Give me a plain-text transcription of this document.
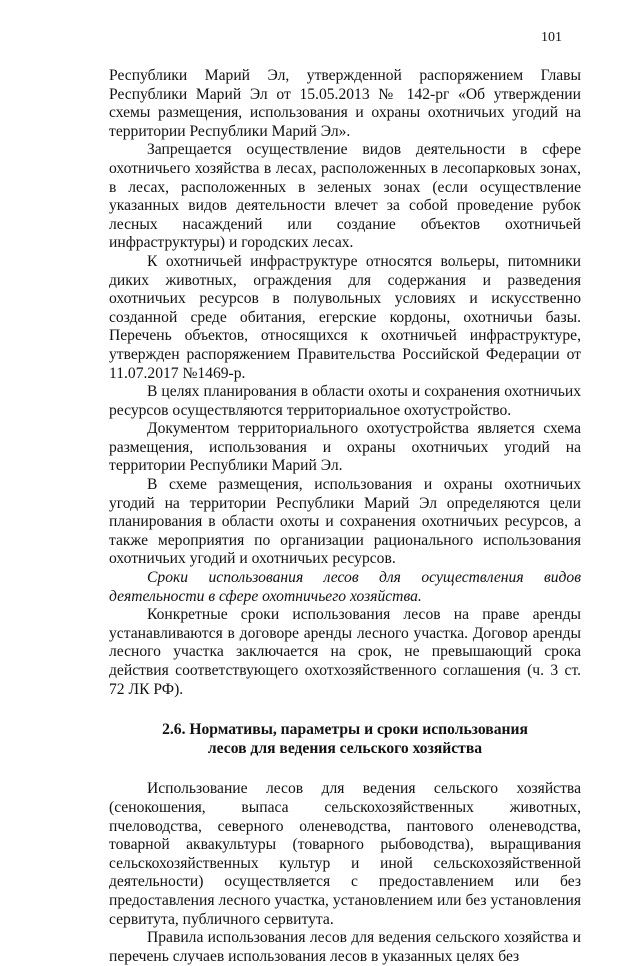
101

Республики Марий Эл, утвержденной распоряжением Главы Республики Марий Эл от 15.05.2013 № 142-рг «Об утверждении схемы размещения, использования и охраны охотничьих угодий на территории Республики Марий Эл».

Запрещается осуществление видов деятельности в сфере охотничьего хозяйства в лесах, расположенных в лесопарковых зонах, в лесах, расположенных в зеленых зонах (если осуществление указанных видов деятельности влечет за собой проведение рубок лесных насаждений или создание объектов охотничьей инфраструктуры) и городских лесах.

К охотничьей инфраструктуре относятся вольеры, питомники диких животных, ограждения для содержания и разведения охотничьих ресурсов в полувольных условиях и искусственно созданной среде обитания, егерские кордоны, охотничьи базы. Перечень объектов, относящихся к охотничьей инфраструктуре, утвержден распоряжением Правительства Российской Федерации от 11.07.2017 №1469-р.

В целях планирования в области охоты и сохранения охотничьих ресурсов осуществляются территориальное охотустройство.

Документом территориального охотустройства является схема размещения, использования и охраны охотничьих угодий на территории Республики Марий Эл.

В схеме размещения, использования и охраны охотничьих угодий на территории Республики Марий Эл определяются цели планирования в области охоты и сохранения охотничьих ресурсов, а также мероприятия по организации рационального использования охотничьих угодий и охотничьих ресурсов.

Сроки использования лесов для осуществления видов деятельности в сфере охотничьего хозяйства.

Конкретные сроки использования лесов на праве аренды устанавливаются в договоре аренды лесного участка. Договор аренды лесного участка заключается на срок, не превышающий срока действия соответствующего охотхозяйственного соглашения (ч. 3 ст. 72 ЛК РФ).

2.6. Нормативы, параметры и сроки использования
лесов для ведения сельского хозяйства

Использование лесов для ведения сельского хозяйства (сенокошения, выпаса сельскохозяйственных животных, пчеловодства, северного оленеводства, пантового оленеводства, товарной аквакультуры (товарного рыбоводства), выращивания сельскохозяйственных культур и иной сельскохозяйственной деятельности) осуществляется с предоставлением или без предоставления лесного участка, установлением или без установления сервитута, публичного сервитута.

Правила использования лесов для ведения сельского хозяйства и перечень случаев использования лесов в указанных целях без
